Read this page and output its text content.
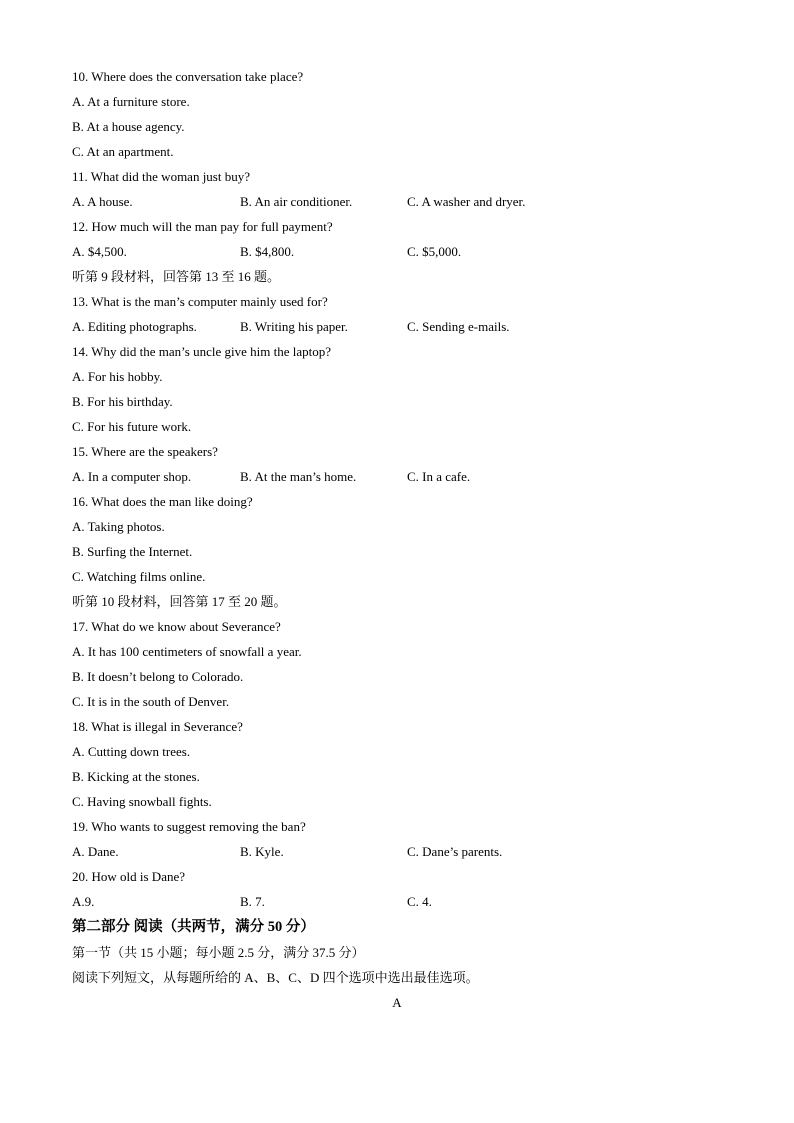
10. Where does the conversation take place?
A. At a furniture store.
B. At a house agency.
C. At an apartment.
11. What did the woman just buy?
A. A house.	B. An air conditioner.	C. A washer and dryer.
12. How much will the man pay for full payment?
A. $4,500.	B. $4,800.	C. $5,000.
听第 9 段材料，回答第 13 至 16 题。
13. What is the man’s computer mainly used for?
A. Editing photographs.	B. Writing his paper.	C. Sending e-mails.
14. Why did the man’s uncle give him the laptop?
A. For his hobby.
B. For his birthday.
C. For his future work.
15. Where are the speakers?
A. In a computer shop.	B. At the man’s home.	C. In a cafe.
16. What does the man like doing?
A. Taking photos.
B. Surfing the Internet.
C. Watching films online.
听第 10 段材料，回答第 17 至 20 题。
17. What do we know about Severance?
A. It has 100 centimeters of snowfall a year.
B. It doesn’t belong to Colorado.
C. It is in the south of Denver.
18. What is illegal in Severance?
A. Cutting down trees.
B. Kicking at the stones.
C. Having snowball fights.
19. Who wants to suggest removing the ban?
A. Dane.	B. Kyle.	C. Dane’s parents.
20. How old is Dane?
A.9.	B. 7.	C. 4.
第二部分 阅读（共两节，满分 50 分）
第一节（共 15 小题；每小题 2.5 分，满分 37.5 分）
阅读下列短文，从每题所给的 A、B、C、D 四个选项中选出最佳选项。
A
